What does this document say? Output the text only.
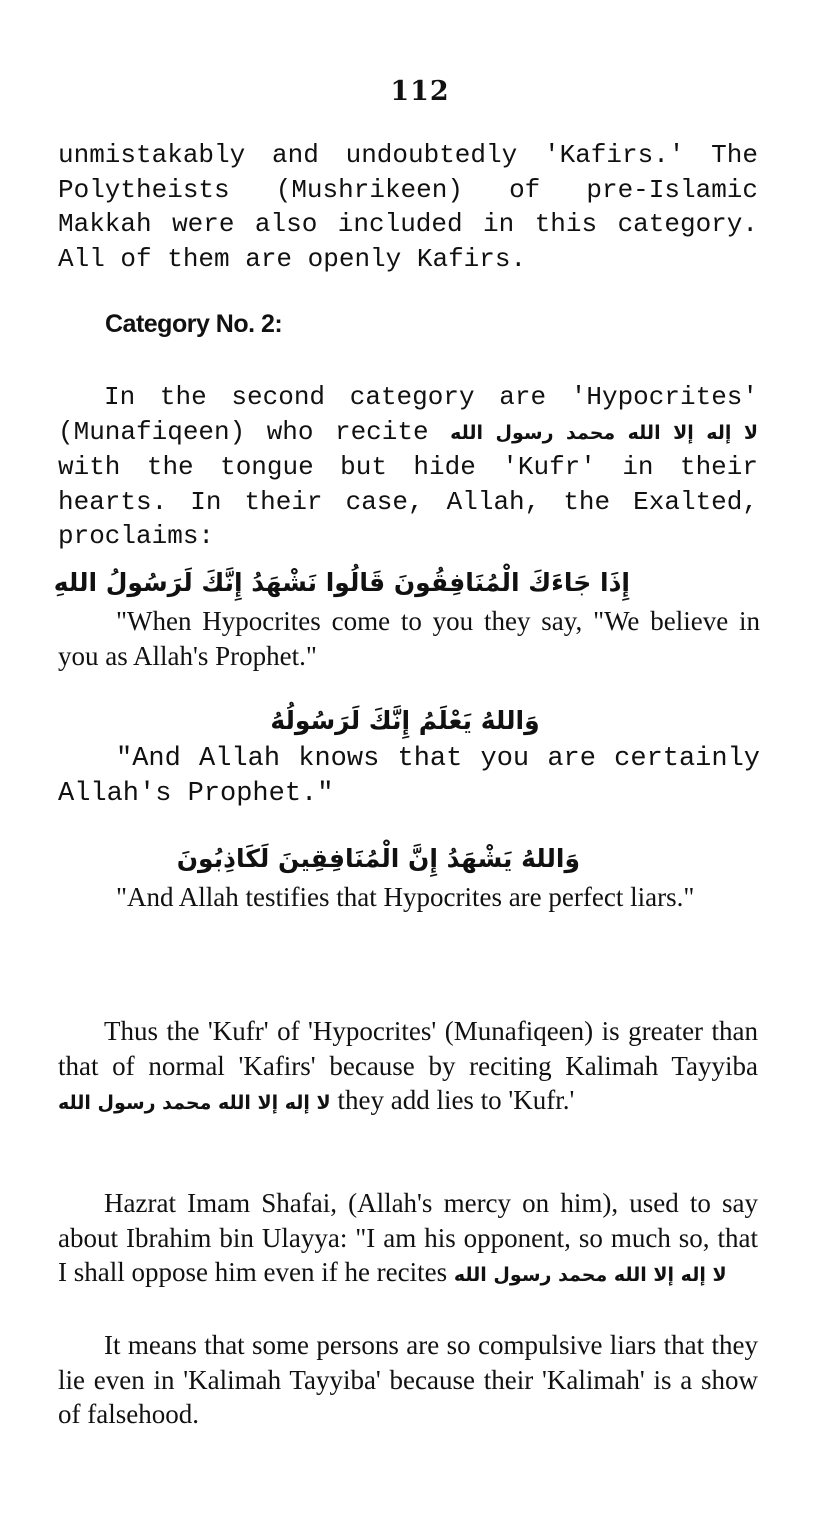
112

unmistakably and undoubtedly 'Kafirs.' The Polytheists (Mushrikeen) of pre-Islamic Makkah were also included in this category. All of them are openly Kafirs.

Category No. 2:

In the second category are 'Hypocrites' (Munafiqeen) who recite لا إله إلا الله محمد رسول الله with the tongue but hide 'Kufr' in their hearts. In their case, Allah, the Exalted, proclaims:

إِذَا جَاءَكَ الْمُنَافِقُونَ قَالُوا نَشْهَدُ إِنَّكَ لَرَسُولُ اللهِ

"When Hypocrites come to you they say, "We believe in you as Allah's Prophet."

وَاللهُ يَعْلَمُ إِنَّكَ لَرَسُولُهُ

"And Allah knows that you are certainly Allah's Prophet."

وَاللهُ يَشْهَدُ إِنَّ الْمُنَافِقِينَ لَكَاذِبُونَ

"And Allah testifies that Hypocrites are perfect liars."

Thus the 'Kufr' of 'Hypocrites' (Munafiqeen) is greater than that of normal 'Kafirs' because by reciting Kalimah Tayyiba لا إله إلا الله محمد رسول الله they add lies to 'Kufr.'

Hazrat Imam Shafai, (Allah's mercy on him), used to say about Ibrahim bin Ulayya: "I am his opponent, so much so, that I shall oppose him even if he recites لا إله إلا الله محمد رسول الله

It means that some persons are so compulsive liars that they lie even in 'Kalimah Tayyiba' because their 'Kalimah' is a show of falsehood.
